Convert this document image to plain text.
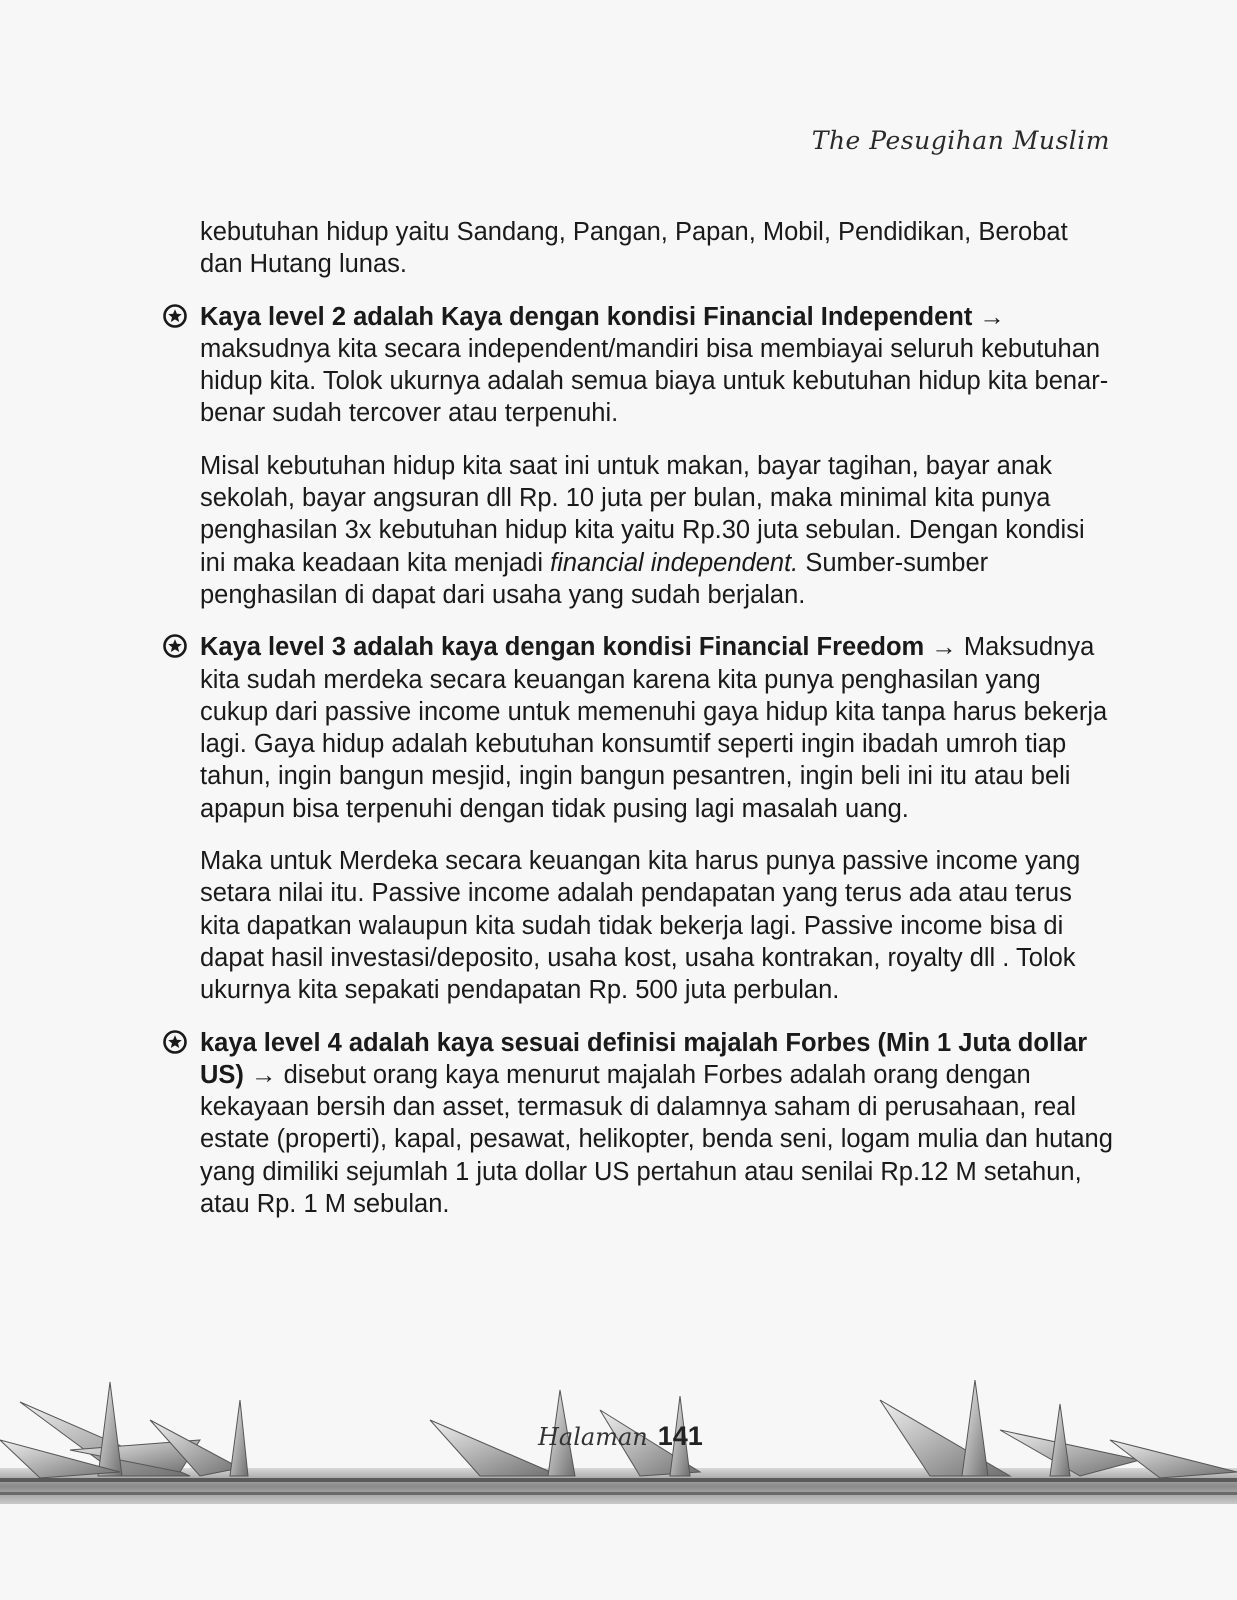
The Pesugihan Muslim

kebutuhan hidup yaitu Sandang, Pangan, Papan, Mobil, Pendidikan, Berobat dan Hutang lunas.

Kaya level 2 adalah Kaya dengan kondisi Financial Independent → maksudnya kita secara independent/mandiri bisa membiayai seluruh kebutuhan hidup kita. Tolok ukurnya adalah semua biaya untuk kebutuhan hidup kita benar-benar sudah tercover atau terpenuhi.

Misal kebutuhan hidup kita saat ini untuk makan, bayar tagihan, bayar anak sekolah, bayar angsuran dll Rp. 10 juta per bulan, maka minimal kita punya penghasilan 3x kebutuhan hidup kita yaitu Rp.30 juta sebulan. Dengan kondisi ini maka keadaan kita menjadi financial independent. Sumber-sumber penghasilan di dapat dari usaha yang sudah berjalan.

Kaya level 3 adalah kaya dengan kondisi Financial Freedom → Maksudnya kita sudah merdeka secara keuangan karena kita punya penghasilan yang cukup dari passive income untuk memenuhi gaya hidup kita tanpa harus bekerja lagi. Gaya hidup adalah kebutuhan konsumtif seperti ingin ibadah umroh tiap tahun, ingin bangun mesjid, ingin bangun pesantren, ingin beli ini itu atau beli apapun bisa terpenuhi dengan tidak pusing lagi masalah uang.

Maka untuk Merdeka secara keuangan kita harus punya passive income yang setara nilai itu. Passive income adalah pendapatan yang terus ada atau terus kita dapatkan walaupun kita sudah tidak bekerja lagi. Passive income bisa di dapat hasil investasi/deposito, usaha kost, usaha kontrakan, royalty dll . Tolok ukurnya kita sepakati pendapatan Rp. 500 juta perbulan.

kaya level 4 adalah kaya sesuai definisi majalah Forbes (Min 1 Juta dollar US) → disebut orang kaya menurut majalah Forbes adalah orang dengan kekayaan bersih dan asset, termasuk di dalamnya saham di perusahaan, real estate (properti), kapal, pesawat, helikopter, benda seni, logam mulia dan hutang yang dimiliki sejumlah 1 juta dollar US pertahun atau senilai Rp.12 M setahun, atau Rp. 1 M sebulan.

Halaman 141
